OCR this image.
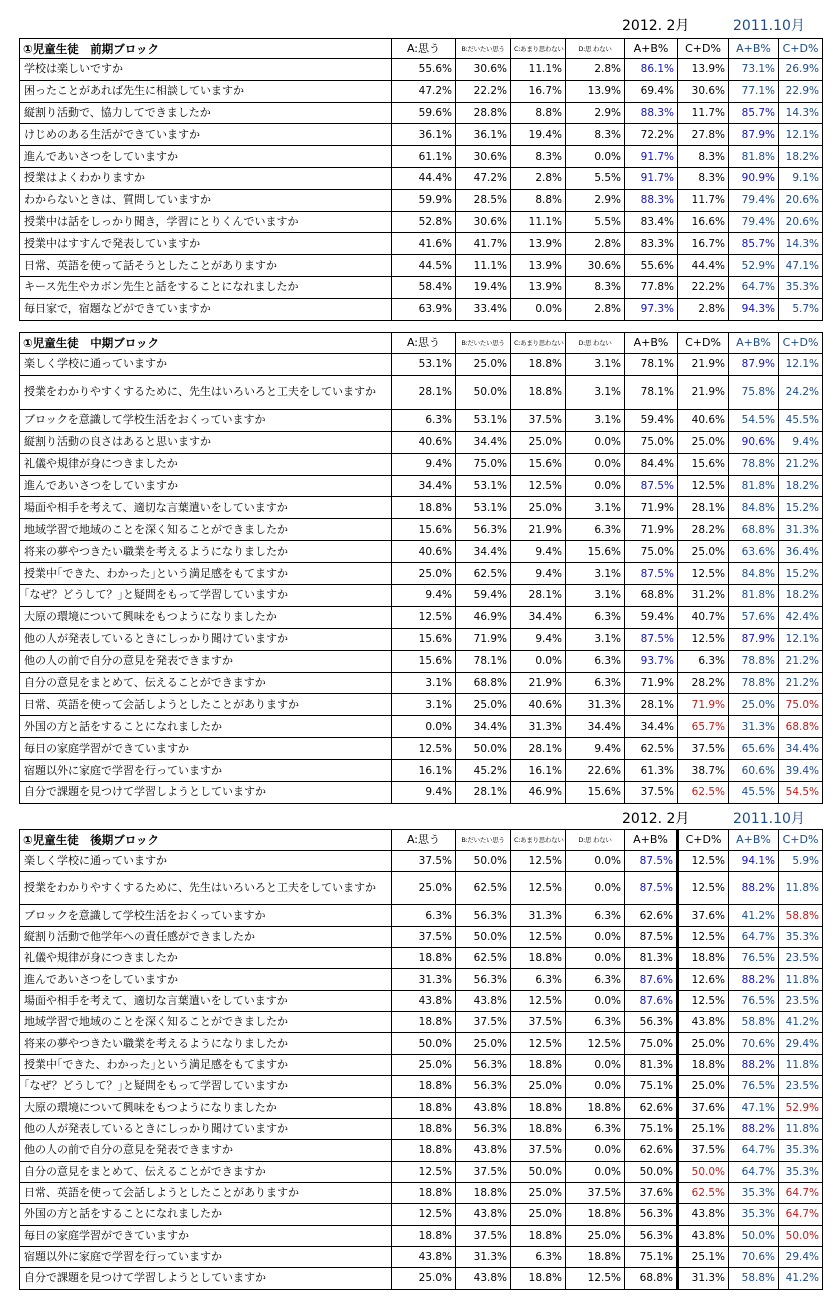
2012. 2月	2011.10月
①児童生徒　前期ブロック	A:思う	B:だいたい思う	C:あまり思わない	D:思 わない	A+B%	C+D%	A+B%	C+D%
学校は楽しいですか	55.6%	30.6%	11.1%	2.8%	86.1%	13.9%	73.1%	26.9%
困ったことがあれば先生に相談していますか	47.2%	22.2%	16.7%	13.9%	69.4%	30.6%	77.1%	22.9%
縦割り活動で、協力してできましたか	59.6%	28.8%	8.8%	2.9%	88.3%	11.7%	85.7%	14.3%
けじめのある生活ができていますか	36.1%	36.1%	19.4%	8.3%	72.2%	27.8%	87.9%	12.1%
進んであいさつをしていますか	61.1%	30.6%	8.3%	0.0%	91.7%	8.3%	81.8%	18.2%
授業はよくわかりますか	44.4%	47.2%	2.8%	5.5%	91.7%	8.3%	90.9%	9.1%
わからないときは、質問していますか	59.9%	28.5%	8.8%	2.9%	88.3%	11.7%	79.4%	20.6%
授業中は話をしっかり聞き，学習にとりくんでいますか	52.8%	30.6%	11.1%	5.5%	83.4%	16.6%	79.4%	20.6%
授業中はすすんで発表していますか	41.6%	41.7%	13.9%	2.8%	83.3%	16.7%	85.7%	14.3%
日常、英語を使って話そうとしたことがありますか	44.5%	11.1%	13.9%	30.6%	55.6%	44.4%	52.9%	47.1%
キース先生やカボン先生と話をすることになれましたか	58.4%	19.4%	13.9%	8.3%	77.8%	22.2%	64.7%	35.3%
毎日家で，宿題などができていますか	63.9%	33.4%	0.0%	2.8%	97.3%	2.8%	94.3%	5.7%
①児童生徒　中期ブロック	A:思う	B:だいたい思う	C:あまり思わない	D:思 わない	A+B%	C+D%	A+B%	C+D%
楽しく学校に通っていますか	53.1%	25.0%	18.8%	3.1%	78.1%	21.9%	87.9%	12.1%
授業をわかりやすくするために、先生はいろいろと工夫をしていますか	28.1%	50.0%	18.8%	3.1%	78.1%	21.9%	75.8%	24.2%
ブロックを意識して学校生活をおくっていますか	6.3%	53.1%	37.5%	3.1%	59.4%	40.6%	54.5%	45.5%
縦割り活動の良さはあると思いますか	40.6%	34.4%	25.0%	0.0%	75.0%	25.0%	90.6%	9.4%
礼儀や規律が身につきましたか	9.4%	75.0%	15.6%	0.0%	84.4%	15.6%	78.8%	21.2%
進んであいさつをしていますか	34.4%	53.1%	12.5%	0.0%	87.5%	12.5%	81.8%	18.2%
場面や相手を考えて、適切な言葉遣いをしていますか	18.8%	53.1%	25.0%	3.1%	71.9%	28.1%	84.8%	15.2%
地域学習で地域のことを深く知ることができましたか	15.6%	56.3%	21.9%	6.3%	71.9%	28.2%	68.8%	31.3%
将来の夢やつきたい職業を考えるようになりましたか	40.6%	34.4%	9.4%	15.6%	75.0%	25.0%	63.6%	36.4%
授業中｢できた、わかった｣という満足感をもてますか	25.0%	62.5%	9.4%	3.1%	87.5%	12.5%	84.8%	15.2%
｢なぜ？どうして？｣と疑問をもって学習していますか	9.4%	59.4%	28.1%	3.1%	68.8%	31.2%	81.8%	18.2%
大原の環境について興味をもつようになりましたか	12.5%	46.9%	34.4%	6.3%	59.4%	40.7%	57.6%	42.4%
他の人が発表しているときにしっかり聞けていますか	15.6%	71.9%	9.4%	3.1%	87.5%	12.5%	87.9%	12.1%
他の人の前で自分の意見を発表できますか	15.6%	78.1%	0.0%	6.3%	93.7%	6.3%	78.8%	21.2%
自分の意見をまとめて、伝えることができますか	3.1%	68.8%	21.9%	6.3%	71.9%	28.2%	78.8%	21.2%
日常、英語を使って会話しようとしたことがありますか	3.1%	25.0%	40.6%	31.3%	28.1%	71.9%	25.0%	75.0%
外国の方と話をすることになれましたか	0.0%	34.4%	31.3%	34.4%	34.4%	65.7%	31.3%	68.8%
毎日の家庭学習ができていますか	12.5%	50.0%	28.1%	9.4%	62.5%	37.5%	65.6%	34.4%
宿題以外に家庭で学習を行っていますか	16.1%	45.2%	16.1%	22.6%	61.3%	38.7%	60.6%	39.4%
自分で課題を見つけて学習しようとしていますか	9.4%	28.1%	46.9%	15.6%	37.5%	62.5%	45.5%	54.5%
2012. 2月	2011.10月
①児童生徒　後期ブロック	A:思う	B:だいたい思う	C:あまり思わない	D:思 わない	A+B%	C+D%	A+B%	C+D%
楽しく学校に通っていますか	37.5%	50.0%	12.5%	0.0%	87.5%	12.5%	94.1%	5.9%
授業をわかりやすくするために、先生はいろいろと工夫をしていますか	25.0%	62.5%	12.5%	0.0%	87.5%	12.5%	88.2%	11.8%
ブロックを意識して学校生活をおくっていますか	6.3%	56.3%	31.3%	6.3%	62.6%	37.6%	41.2%	58.8%
縦割り活動で他学年への責任感ができましたか	37.5%	50.0%	12.5%	0.0%	87.5%	12.5%	64.7%	35.3%
礼儀や規律が身につきましたか	18.8%	62.5%	18.8%	0.0%	81.3%	18.8%	76.5%	23.5%
進んであいさつをしていますか	31.3%	56.3%	6.3%	6.3%	87.6%	12.6%	88.2%	11.8%
場面や相手を考えて、適切な言葉遣いをしていますか	43.8%	43.8%	12.5%	0.0%	87.6%	12.5%	76.5%	23.5%
地域学習で地域のことを深く知ることができましたか	18.8%	37.5%	37.5%	6.3%	56.3%	43.8%	58.8%	41.2%
将来の夢やつきたい職業を考えるようになりましたか	50.0%	25.0%	12.5%	12.5%	75.0%	25.0%	70.6%	29.4%
授業中｢できた、わかった｣という満足感をもてますか	25.0%	56.3%	18.8%	0.0%	81.3%	18.8%	88.2%	11.8%
｢なぜ？どうして？｣と疑問をもって学習していますか	18.8%	56.3%	25.0%	0.0%	75.1%	25.0%	76.5%	23.5%
大原の環境について興味をもつようになりましたか	18.8%	43.8%	18.8%	18.8%	62.6%	37.6%	47.1%	52.9%
他の人が発表しているときにしっかり聞けていますか	18.8%	56.3%	18.8%	6.3%	75.1%	25.1%	88.2%	11.8%
他の人の前で自分の意見を発表できますか	18.8%	43.8%	37.5%	0.0%	62.6%	37.5%	64.7%	35.3%
自分の意見をまとめて、伝えることができますか	12.5%	37.5%	50.0%	0.0%	50.0%	50.0%	64.7%	35.3%
日常、英語を使って会話しようとしたことがありますか	18.8%	18.8%	25.0%	37.5%	37.6%	62.5%	35.3%	64.7%
外国の方と話をすることになれましたか	12.5%	43.8%	25.0%	18.8%	56.3%	43.8%	35.3%	64.7%
毎日の家庭学習ができていますか	18.8%	37.5%	18.8%	25.0%	56.3%	43.8%	50.0%	50.0%
宿題以外に家庭で学習を行っていますか	43.8%	31.3%	6.3%	18.8%	75.1%	25.1%	70.6%	29.4%
自分で課題を見つけて学習しようとしていますか	25.0%	43.8%	18.8%	12.5%	68.8%	31.3%	58.8%	41.2%
